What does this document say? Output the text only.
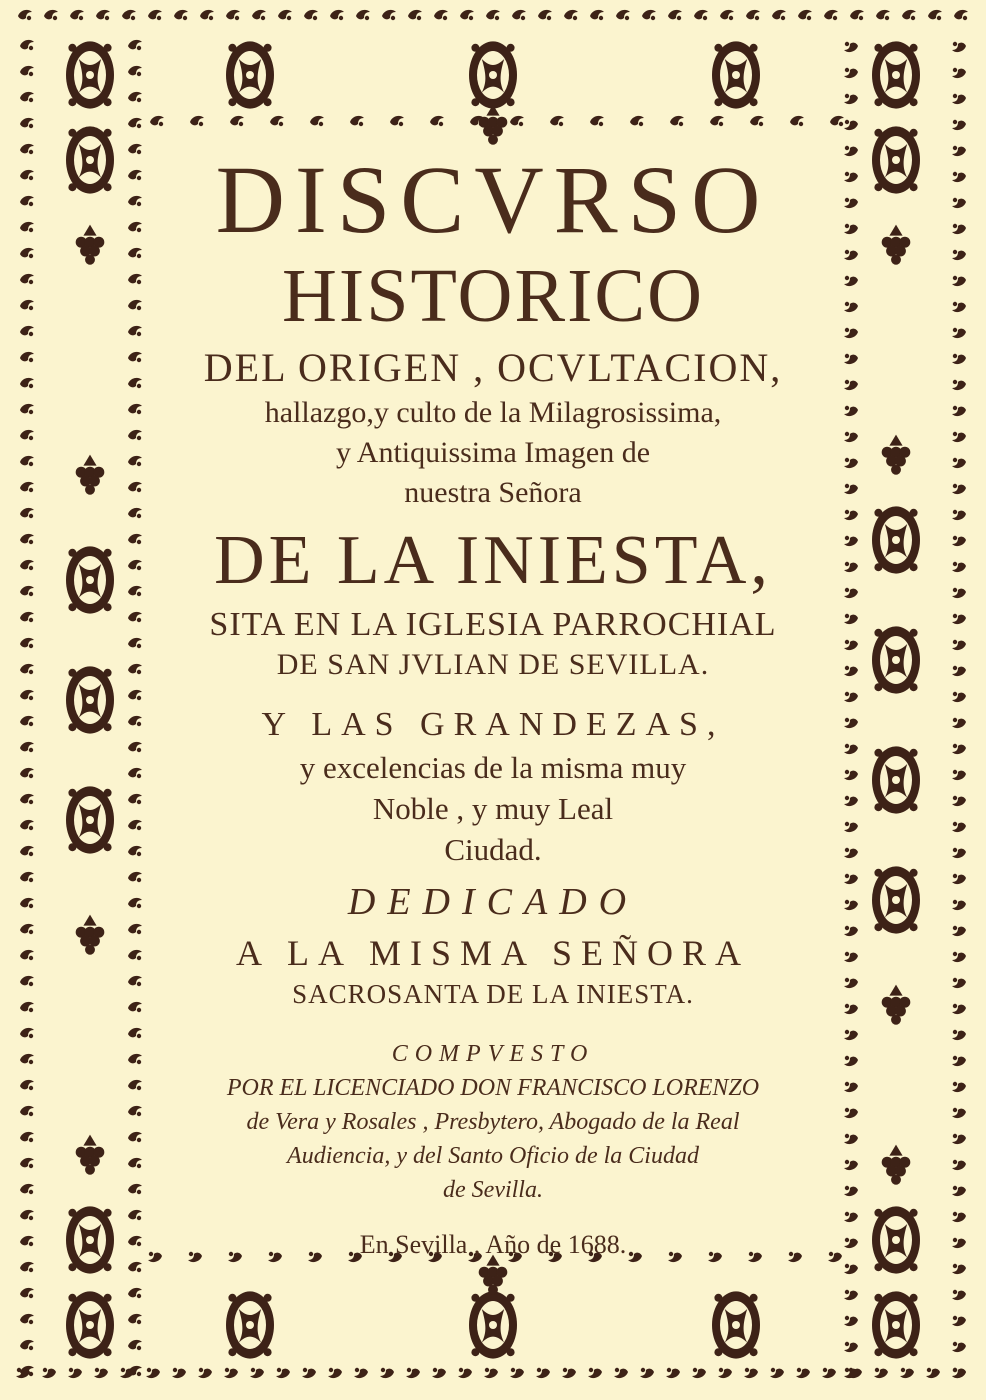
DISCVRSO
HISTORICO
DEL ORIGEN , OCVLTACION,
hallazgo,y culto de la Milagrosissima,
y Antiquissima Imagen de
nuestra Señora
DE LA INIESTA,
SITA EN LA IGLESIA PARROCHIAL
DE SAN JVLIAN DE SEVILLA.
Y LAS GRANDEZAS,
y excelencias de la misma muy
Noble , y muy Leal
Ciudad.
DEDICADO
A LA MISMA SEÑORA
SACROSANTA DE LA INIESTA.
COMPVESTO
POR EL LICENCIADO DON FRANCISCO LORENZO
de Vera y Rosales , Presbytero, Abogado de la Real
Audiencia, y del Santo Oficio de la Ciudad
de Sevilla.
En Sevilla , Año de 1688.
